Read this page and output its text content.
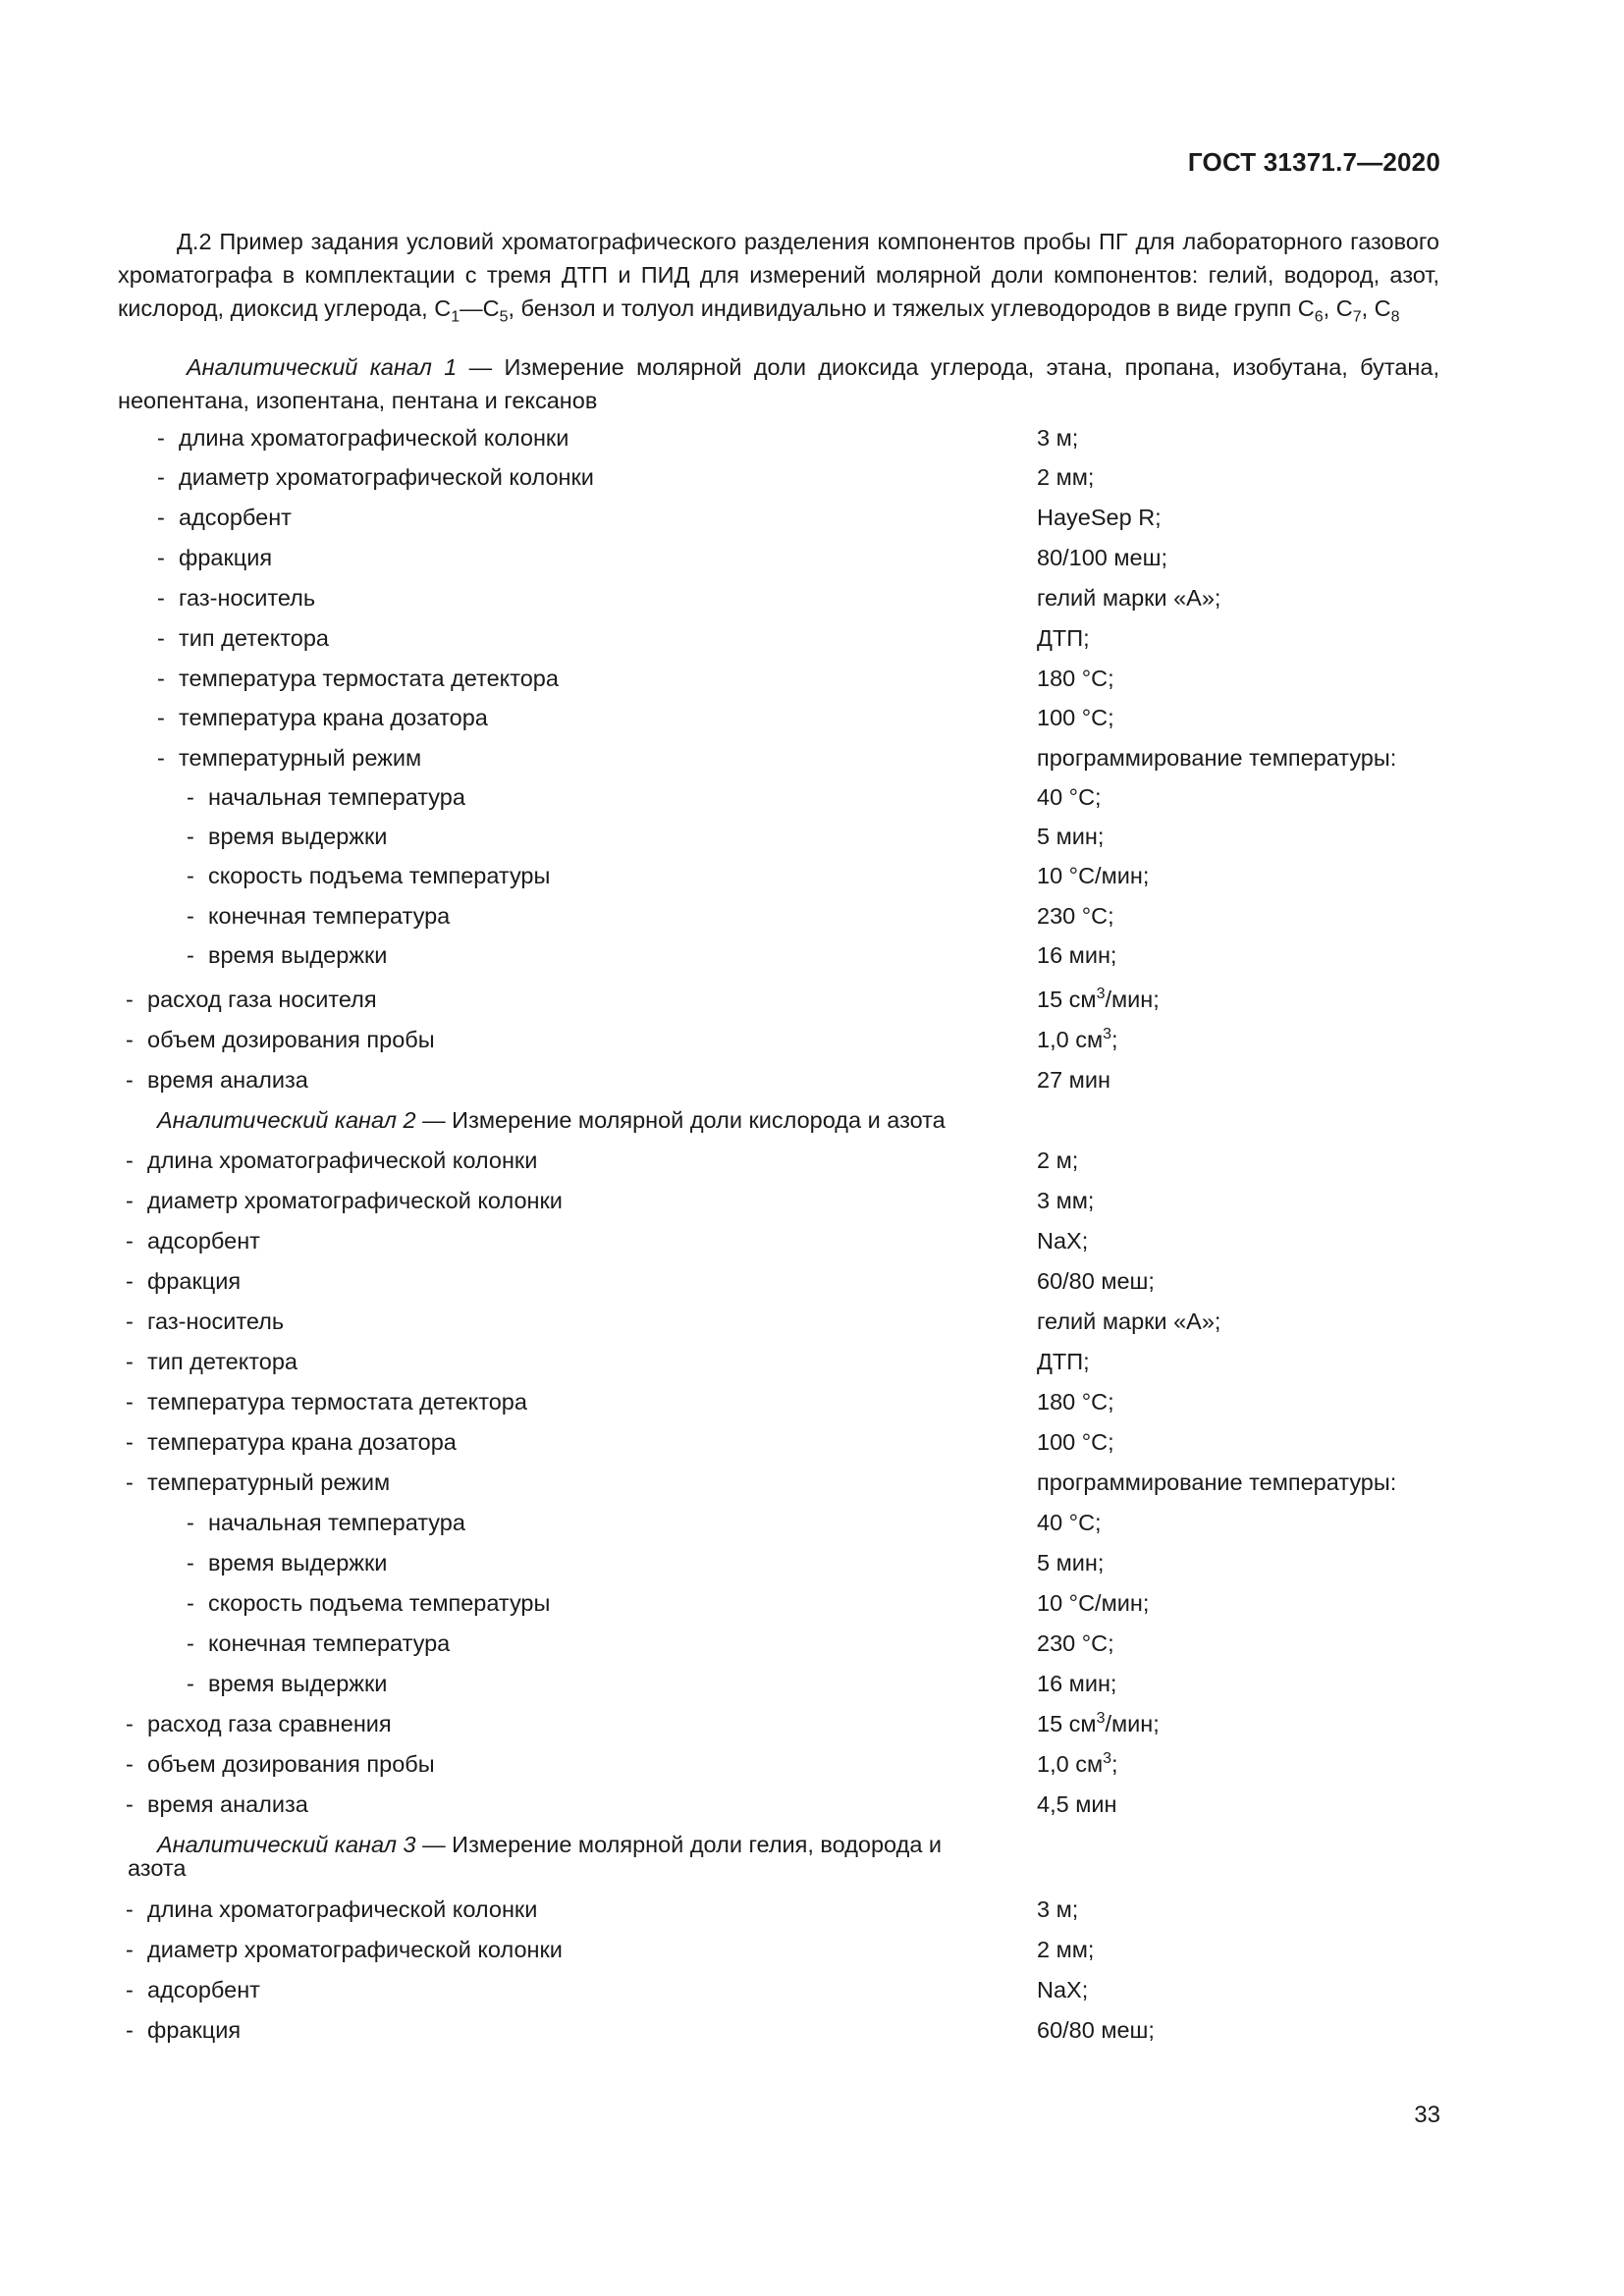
ГОСТ 31371.7—2020

Д.2 Пример задания условий хроматографического разделения компонентов пробы ПГ для лабораторного газового хроматографа в комплектации с тремя ДТП и ПИД для измерений молярной доли компонентов: гелий, водород, азот, кислород, диоксид углерода, $C_1—C_5$, бензол и толуол индивидуально и тяжелых углеводородов в виде групп $C_6$, $C_7$, $C_8$

Аналитический канал 1 — Измерение молярной доли диоксида углерода, этана, пропана, изобутана, бутана, неопентана, изопентана, пентана и гексанов

- длина хроматографической колонки	3 м;
- диаметр хроматографической колонки	2 мм;
- адсорбент	HayeSep R;
- фракция	80/100 меш;
- газ-носитель	гелий марки «А»;
- тип детектора	ДТП;
- температура термостата детектора	180 °С;
- температура крана дозатора	100 °С;
- температурный режим	программирование температуры:
- начальная температура	40 °С;
- время выдержки	5 мин;
- скорость подъема температуры	10 °С/мин;
- конечная температура	230 °С;
- время выдержки	16 мин;
- расход газа носителя	15 $см^3$/мин;
- объем дозирования пробы	1,0 $см^3$;
- время анализа	27 мин
Аналитический канал 2 — Измерение молярной доли кислорода и азота
- длина хроматографической колонки	2 м;
- диаметр хроматографической колонки	3 мм;
- адсорбент	NaX;
- фракция	60/80 меш;
- газ-носитель	гелий марки «А»;
- тип детектора	ДТП;
- температура термостата детектора	180 °С;
- температура крана дозатора	100 °С;
- температурный режим	программирование температуры:
- начальная температура	40 °С;
- время выдержки	5 мин;
- скорость подъема температуры	10 °С/мин;
- конечная температура	230 °С;
- время выдержки	16 мин;
- расход газа сравнения	15 $см^3$/мин;
- объем дозирования пробы	1,0 $см^3$;
- время анализа	4,5 мин
Аналитический канал 3 — Измерение молярной доли гелия, водорода и
азота
- длина хроматографической колонки	3 м;
- диаметр хроматографической колонки	2 мм;
- адсорбент	NaX;
- фракция	60/80 меш;
33
